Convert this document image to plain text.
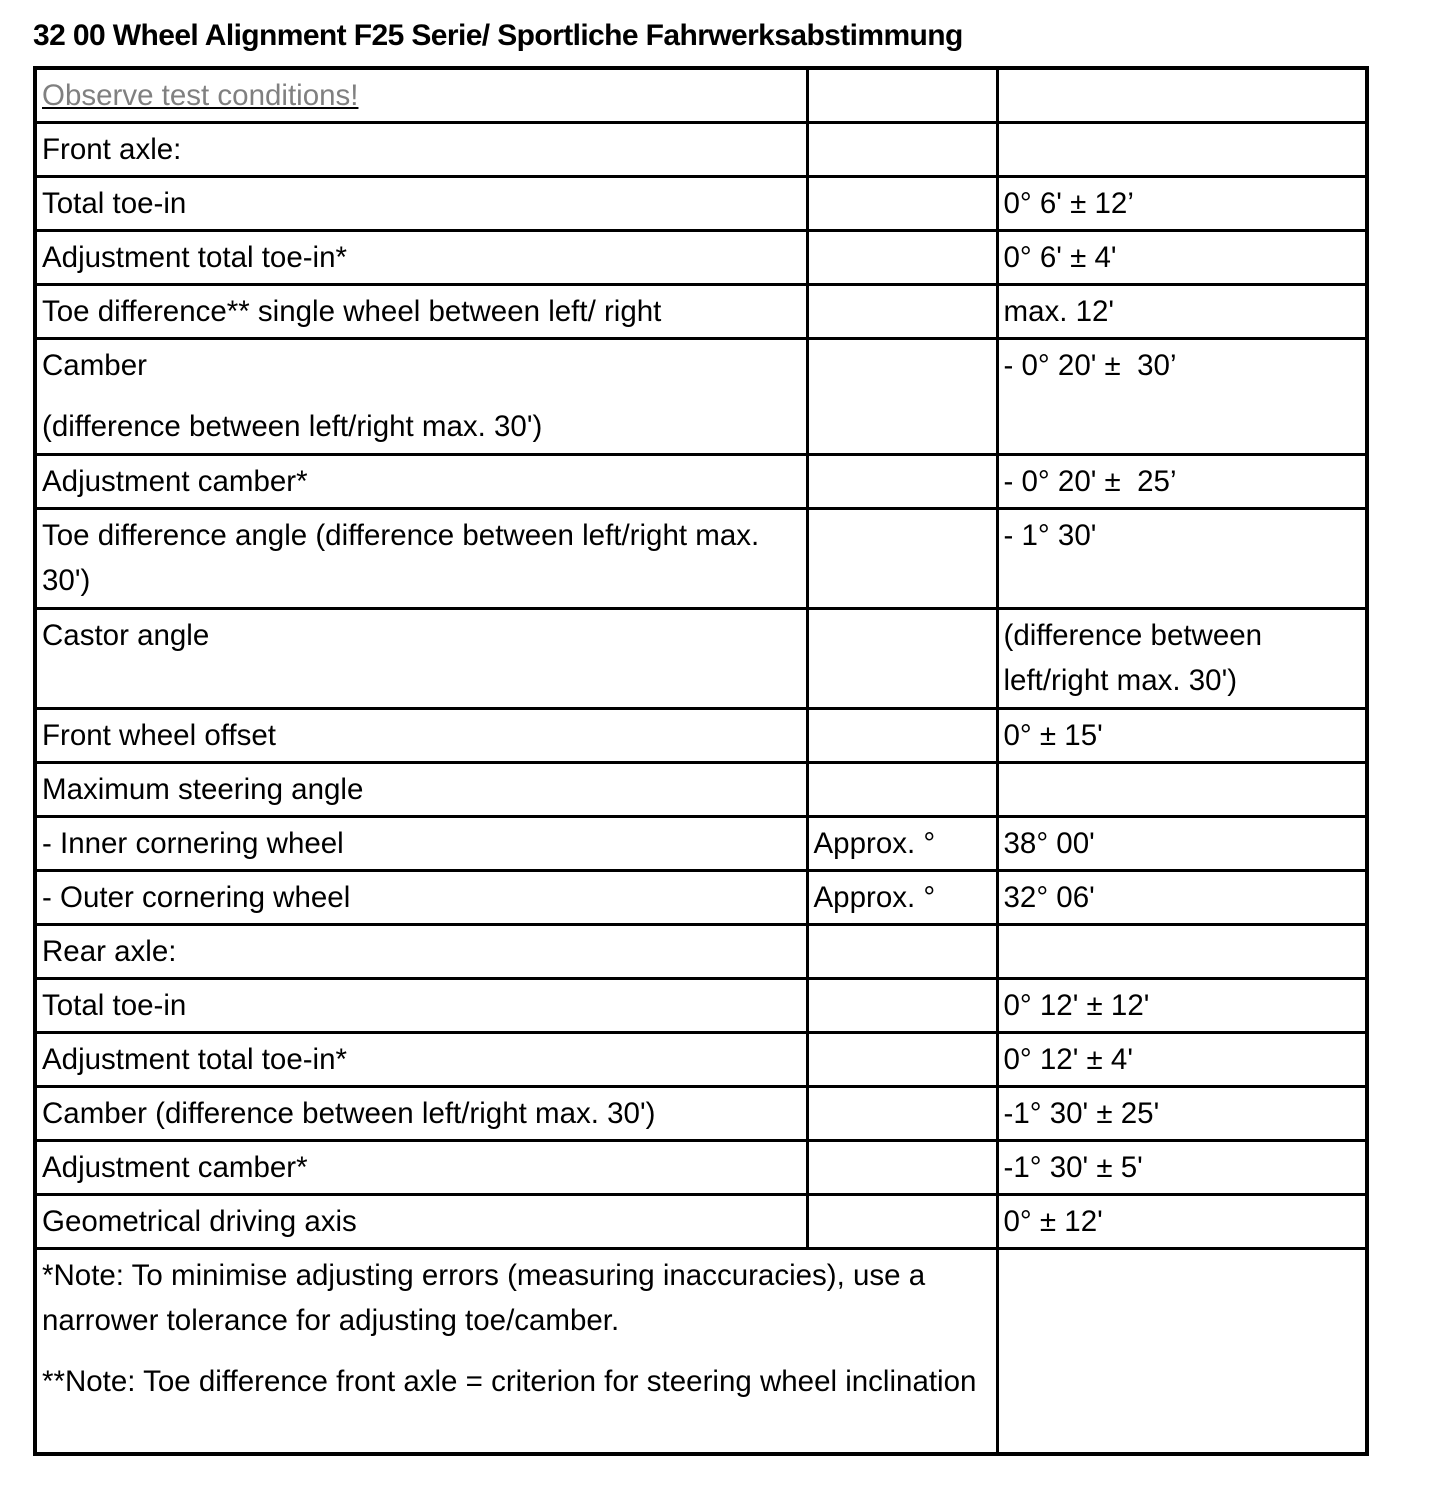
32 00 Wheel Alignment F25 Serie/ Sportliche Fahrwerksabstimmung
Observe test conditions!		
Front axle:		
Total toe-in		0° 6' ± 12’
Adjustment total toe-in*		0° 6' ± 4'
Toe difference** single wheel between left/ right		max. 12'
Camber
(difference between left/right max. 30')		- 0° 20' ±  30’
Adjustment camber*		- 0° 20' ±  25’
Toe difference angle (difference between left/right max. 30')		- 1° 30'
Castor angle		(difference between left/right max. 30')
Front wheel offset		0° ± 15'
Maximum steering angle		
- Inner cornering wheel	Approx. °	38° 00'
- Outer cornering wheel	Approx. °	32° 06'
Rear axle:		
Total toe-in		0° 12' ± 12'
Adjustment total toe-in*		0° 12' ± 4'
Camber (difference between left/right max. 30')		-1° 30' ± 25'
Adjustment camber*		-1° 30' ± 5'
Geometrical driving axis		0° ± 12'

*Note: To minimise adjusting errors (measuring inaccuracies), use a narrower tolerance for adjusting toe/camber.
**Note: Toe difference front axle = criterion for steering wheel inclination		
